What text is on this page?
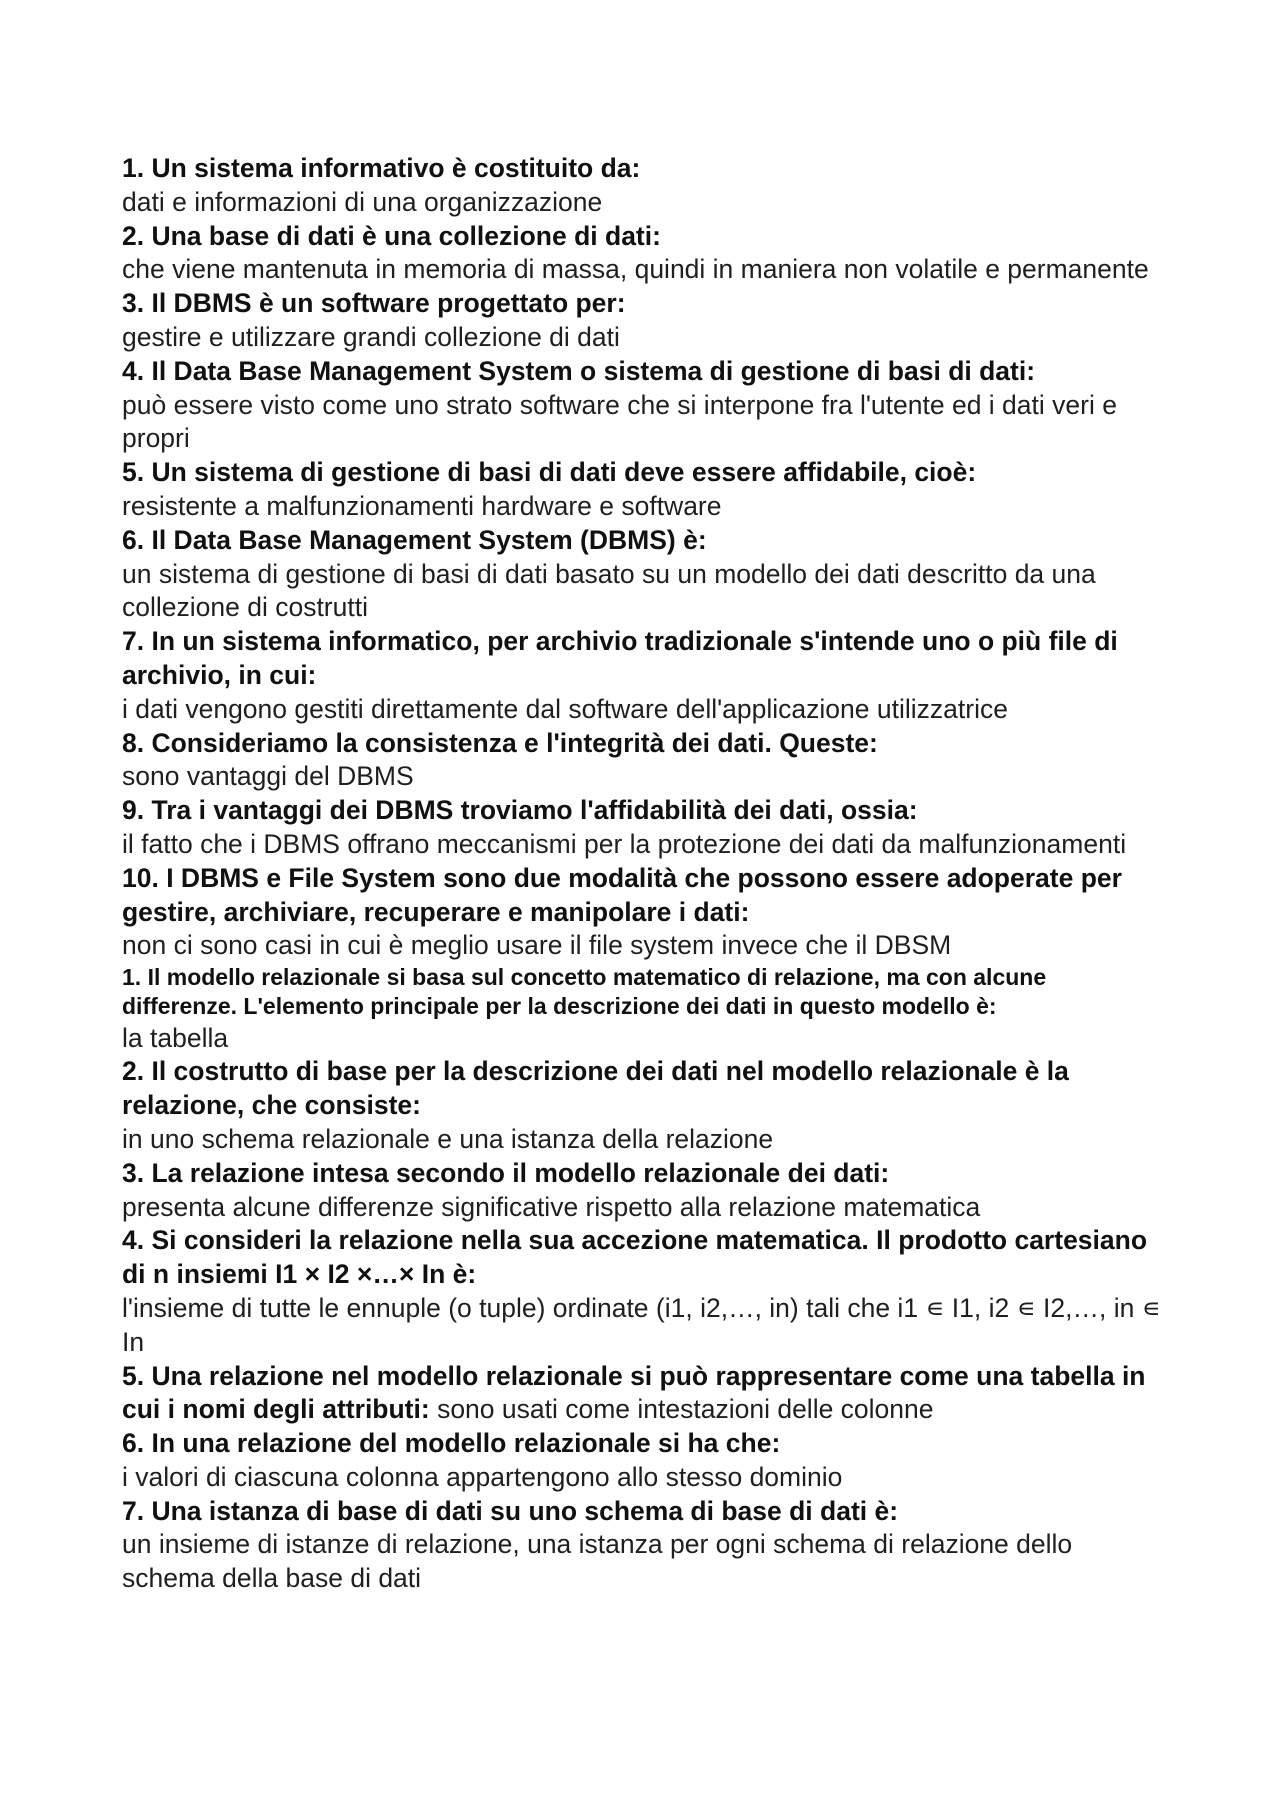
1. Un sistema informativo è costituito da:
dati e informazioni di una organizzazione
2. Una base di dati è una collezione di dati:
che viene mantenuta in memoria di massa, quindi in maniera non volatile e permanente
3. Il DBMS è un software progettato per:
gestire e utilizzare grandi collezione di dati
4. Il Data Base Management System o sistema di gestione di basi di dati:
può essere visto come uno strato software che si interpone fra l'utente ed i dati veri e propri
5. Un sistema di gestione di basi di dati deve essere affidabile, cioè:
resistente a malfunzionamenti hardware e software
6. Il Data Base Management System (DBMS) è:
un sistema di gestione di basi di dati basato su un modello dei dati descritto da una collezione di costrutti
7. In un sistema informatico, per archivio tradizionale s'intende uno o più file di archivio, in cui:
i dati vengono gestiti direttamente dal software dell'applicazione utilizzatrice
8. Consideriamo la consistenza e l'integrità dei dati. Queste:
sono vantaggi del DBMS
9. Tra i vantaggi dei DBMS troviamo l'affidabilità dei dati, ossia:
il fatto che i DBMS offrano meccanismi per la protezione dei dati da malfunzionamenti
10. I DBMS e File System sono due modalità che possono essere adoperate per gestire, archiviare, recuperare e manipolare i dati:
non ci sono casi in cui è meglio usare il file system invece che il DBSM
1. Il modello relazionale si basa sul concetto matematico di relazione, ma con alcune differenze. L'elemento principale per la descrizione dei dati in questo modello è:
la tabella
2. Il costrutto di base per la descrizione dei dati nel modello relazionale è la relazione, che consiste:
in uno schema relazionale e una istanza della relazione
3. La relazione intesa secondo il modello relazionale dei dati:
presenta alcune differenze significative rispetto alla relazione matematica
4. Si consideri la relazione nella sua accezione matematica. Il prodotto cartesiano di n insiemi I1 × I2 ×…× In è:
l'insieme di tutte le ennuple (o tuple) ordinate (i1, i2,…, in) tali che i1 ∊ I1, i2 ∊ I2,…, in ∊ In
5. Una relazione nel modello relazionale si può rappresentare come una tabella in cui i nomi degli attributi: sono usati come intestazioni delle colonne
6. In una relazione del modello relazionale si ha che:
i valori di ciascuna colonna appartengono allo stesso dominio
7. Una istanza di base di dati su uno schema di base di dati è:
un insieme di istanze di relazione, una istanza per ogni schema di relazione dello schema della base di dati
